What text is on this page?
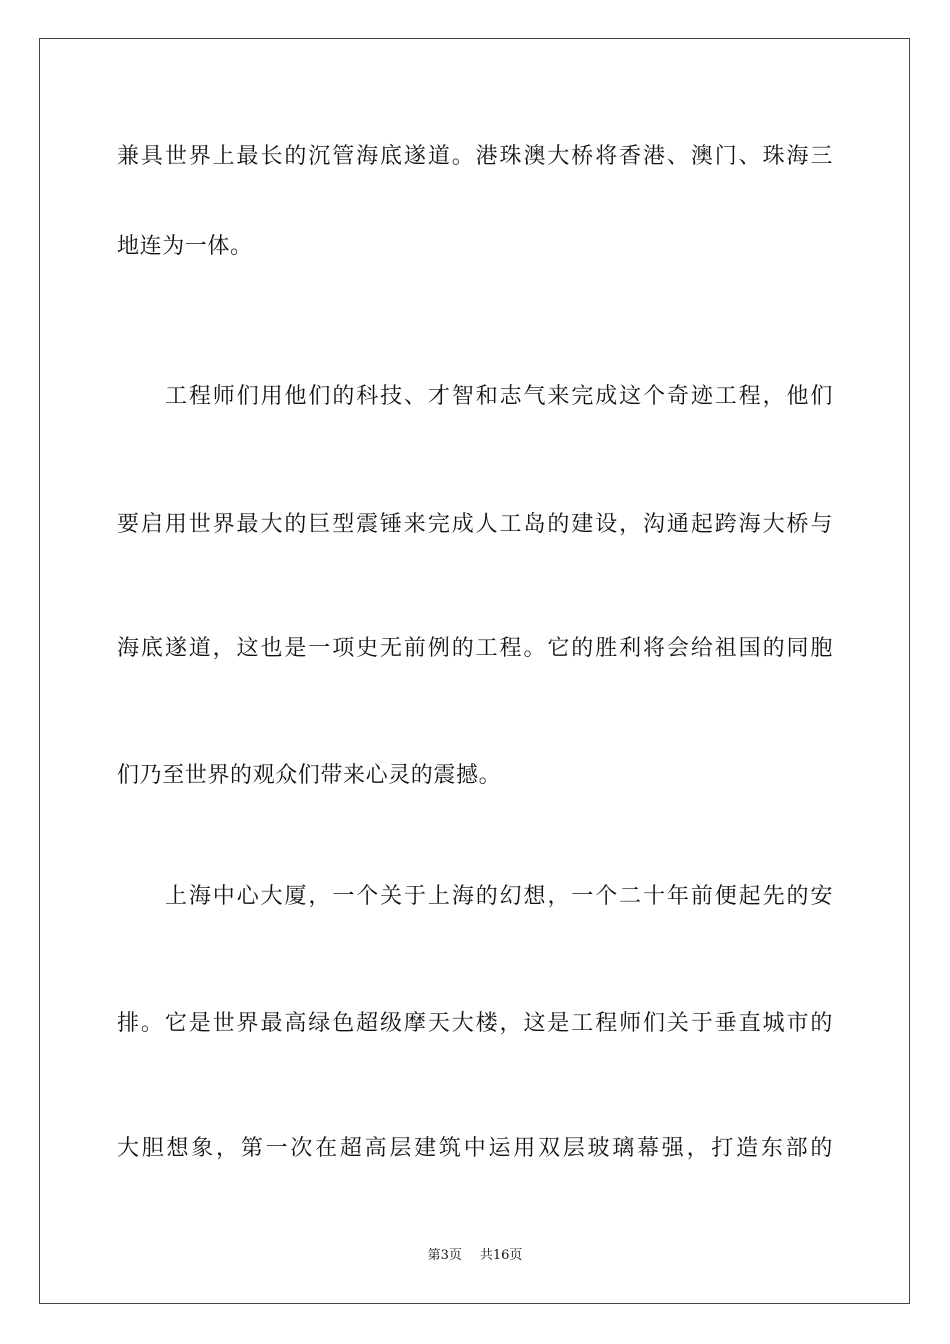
兼具世界上最长的沉管海底遂道。港珠澳大桥将香港、澳门、珠海三
地连为一体。
工程师们用他们的科技、才智和志气来完成这个奇迹工程，他们
要启用世界最大的巨型震锤来完成人工岛的建设，沟通起跨海大桥与
海底遂道，这也是一项史无前例的工程。它的胜利将会给祖国的同胞
们乃至世界的观众们带来心灵的震撼。
上海中心大厦，一个关于上海的幻想，一个二十年前便起先的安
排。它是世界最高绿色超级摩天大楼，这是工程师们关于垂直城市的
大胆想象，第一次在超高层建筑中运用双层玻璃幕强，打造东部的
第3页 共16页
